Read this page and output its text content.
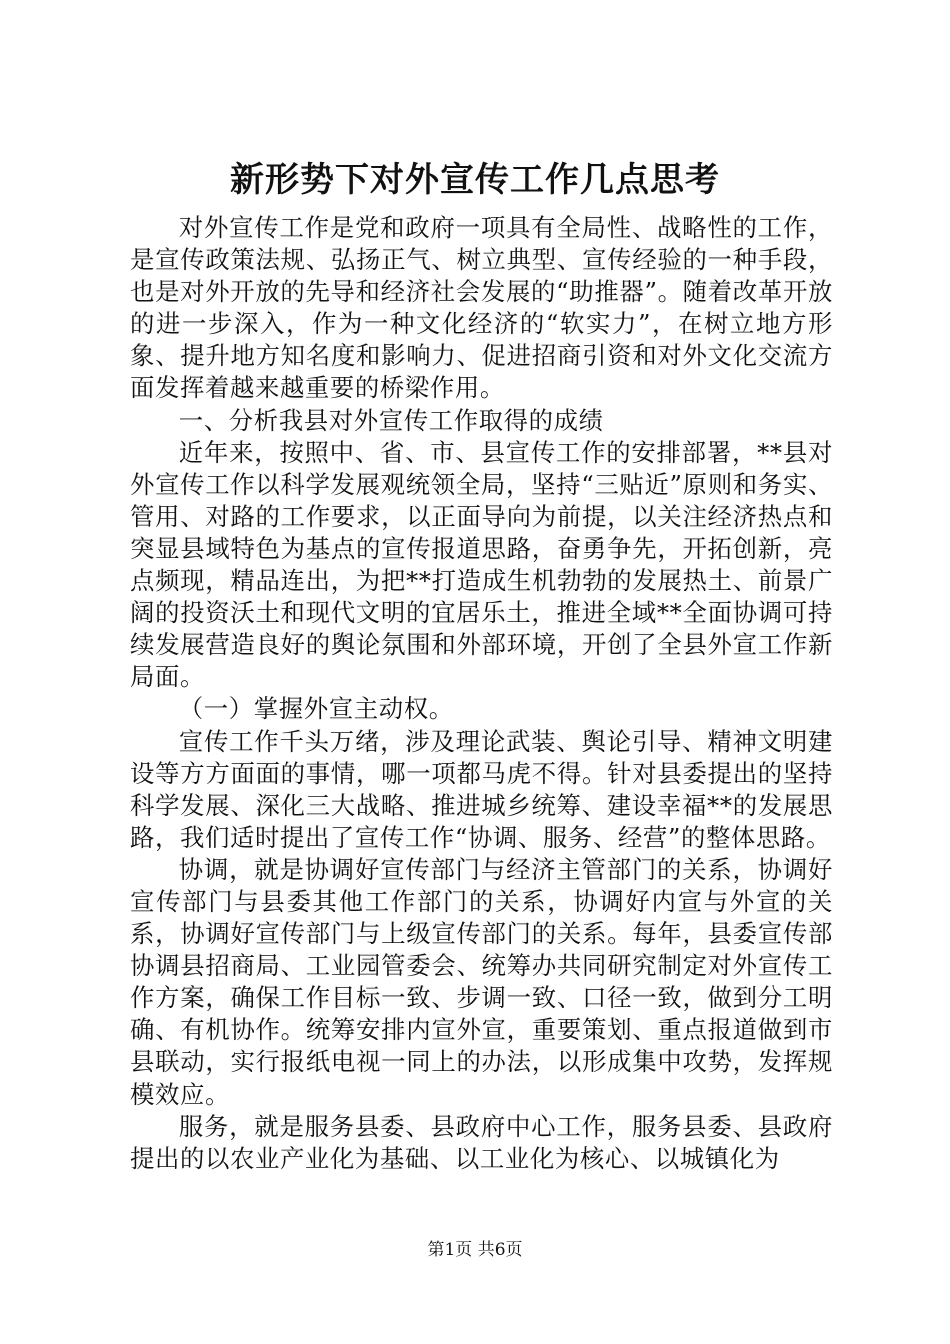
新形势下对外宣传工作几点思考

对外宣传工作是党和政府一项具有全局性、战略性的工作，是宣传政策法规、弘扬正气、树立典型、宣传经验的一种手段，也是对外开放的先导和经济社会发展的“助推器”。随着改革开放的进一步深入，作为一种文化经济的“软实力”，在树立地方形象、提升地方知名度和影响力、促进招商引资和对外文化交流方面发挥着越来越重要的桥梁作用。

一、分析我县对外宣传工作取得的成绩

近年来，按照中、省、市、县宣传工作的安排部署，**县对外宣传工作以科学发展观统领全局，坚持“三贴近”原则和务实、管用、对路的工作要求，以正面导向为前提，以关注经济热点和突显县域特色为基点的宣传报道思路，奋勇争先，开拓创新，亮点频现，精品连出，为把**打造成生机勃勃的发展热土、前景广阔的投资沃土和现代文明的宜居乐土，推进全域**全面协调可持续发展营造良好的舆论氛围和外部环境，开创了全县外宣工作新局面。

（一）掌握外宣主动权。

宣传工作千头万绪，涉及理论武装、舆论引导、精神文明建设等方方面面的事情，哪一项都马虎不得。针对县委提出的坚持科学发展、深化三大战略、推进城乡统筹、建设幸福**的发展思路，我们适时提出了宣传工作“协调、服务、经营”的整体思路。

协调，就是协调好宣传部门与经济主管部门的关系，协调好宣传部门与县委其他工作部门的关系，协调好内宣与外宣的关系，协调好宣传部门与上级宣传部门的关系。每年，县委宣传部协调县招商局、工业园管委会、统筹办共同研究制定对外宣传工作方案，确保工作目标一致、步调一致、口径一致，做到分工明确、有机协作。统筹安排内宣外宣，重要策划、重点报道做到市县联动，实行报纸电视一同上的办法，以形成集中攻势，发挥规模效应。

服务，就是服务县委、县政府中心工作，服务县委、县政府提出的以农业产业化为基础、以工业化为核心、以城镇化为

第1页 共6页
